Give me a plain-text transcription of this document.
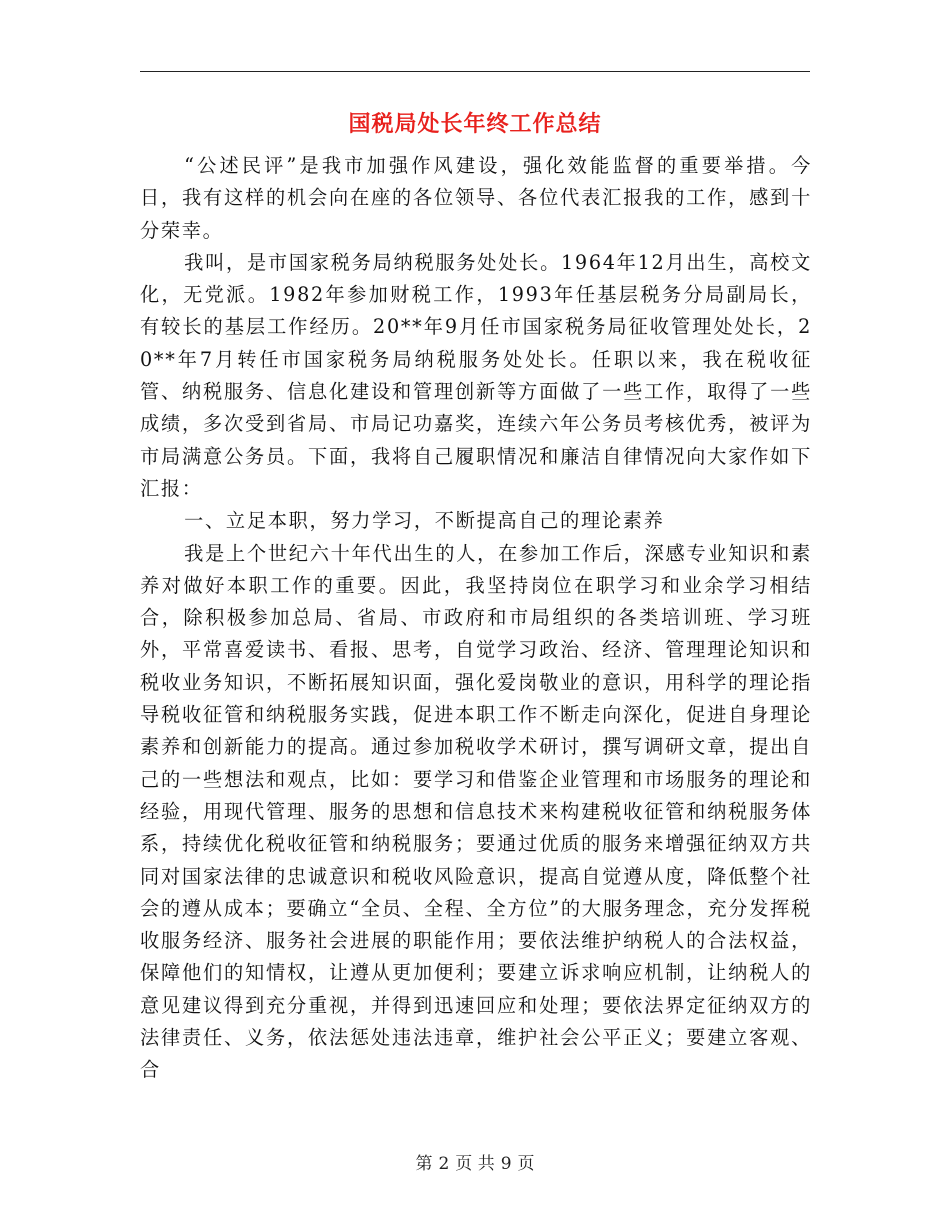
国税局处长年终工作总结

“公述民评”是我市加强作风建设，强化效能监督的重要举措。今日，我有这样的机会向在座的各位领导、各位代表汇报我的工作，感到十分荣幸。

我叫，是市国家税务局纳税服务处处长。1964年12月出生，高校文化，无党派。1982年参加财税工作，1993年任基层税务分局副局长，有较长的基层工作经历。20**年9月任市国家税务局征收管理处处长，20**年7月转任市国家税务局纳税服务处处长。任职以来，我在税收征管、纳税服务、信息化建设和管理创新等方面做了一些工作，取得了一些成绩，多次受到省局、市局记功嘉奖，连续六年公务员考核优秀，被评为市局满意公务员。下面，我将自己履职情况和廉洁自律情况向大家作如下汇报：

一、立足本职，努力学习，不断提高自己的理论素养

我是上个世纪六十年代出生的人，在参加工作后，深感专业知识和素养对做好本职工作的重要。因此，我坚持岗位在职学习和业余学习相结合，除积极参加总局、省局、市政府和市局组织的各类培训班、学习班外，平常喜爱读书、看报、思考，自觉学习政治、经济、管理理论知识和税收业务知识，不断拓展知识面，强化爱岗敬业的意识，用科学的理论指导税收征管和纳税服务实践，促进本职工作不断走向深化，促进自身理论素养和创新能力的提高。通过参加税收学术研讨，撰写调研文章，提出自己的一些想法和观点，比如：要学习和借鉴企业管理和市场服务的理论和经验，用现代管理、服务的思想和信息技术来构建税收征管和纳税服务体系，持续优化税收征管和纳税服务；要通过优质的服务来增强征纳双方共同对国家法律的忠诚意识和税收风险意识，提高自觉遵从度，降低整个社会的遵从成本；要确立“全员、全程、全方位”的大服务理念，充分发挥税收服务经济、服务社会进展的职能作用；要依法维护纳税人的合法权益，保障他们的知情权，让遵从更加便利；要建立诉求响应机制，让纳税人的意见建议得到充分重视，并得到迅速回应和处理；要依法界定征纳双方的法律责任、义务，依法惩处违法违章，维护社会公平正义；要建立客观、合

第 2 页 共 9 页
